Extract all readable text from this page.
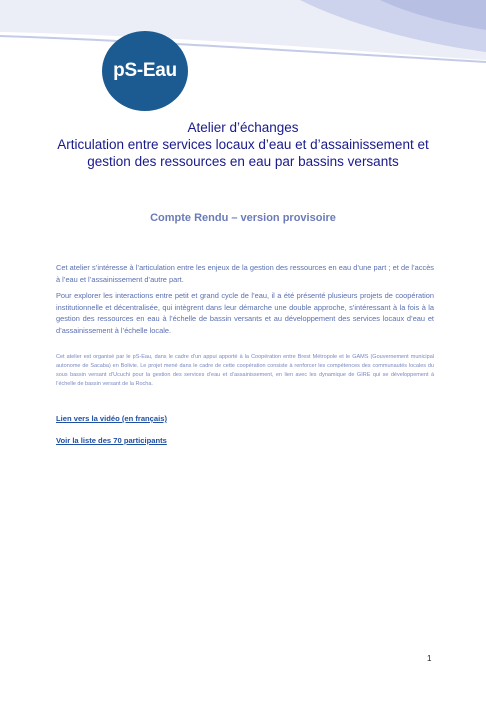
pS-Eau
Atelier d’échanges
Articulation entre services locaux d’eau et d’assainissement et gestion des ressources en eau par bassins versants
Compte Rendu – version provisoire
Cet atelier s’intéresse à l’articulation entre les enjeux de la gestion des ressources en eau d’une part ; et de l’accès à l’eau et l’assainissement d’autre part.
Pour explorer les interactions entre petit et grand cycle de l’eau, il a été présenté plusieurs projets de coopération institutionnelle et décentralisée, qui intègrent dans leur démarche une double approche, s’intéressant à la fois à la gestion des ressources en eau à l’échelle de bassin versants et au développement des services locaux d’eau et d’assainissement à l’échelle locale.
Cet atelier est organisé par le pS-Eau, dans le cadre d’un appui apporté à la Coopération entre Brest Métropole et le GAMS (Gouvernement municipal autonome de Sacaba) en Bolivie. Le projet mené dans le cadre de cette coopération consiste à renforcer les compétences des communautés locales du sous bassin versant d’Ucuchi pour la gestion des services d’eau et d’assainissement, en lien avec les dynamique de GIRE qui se développement à l’échelle de bassin versant de la Rocha.
Lien vers la vidéo (en français)
Voir la liste des 70 participants
1
